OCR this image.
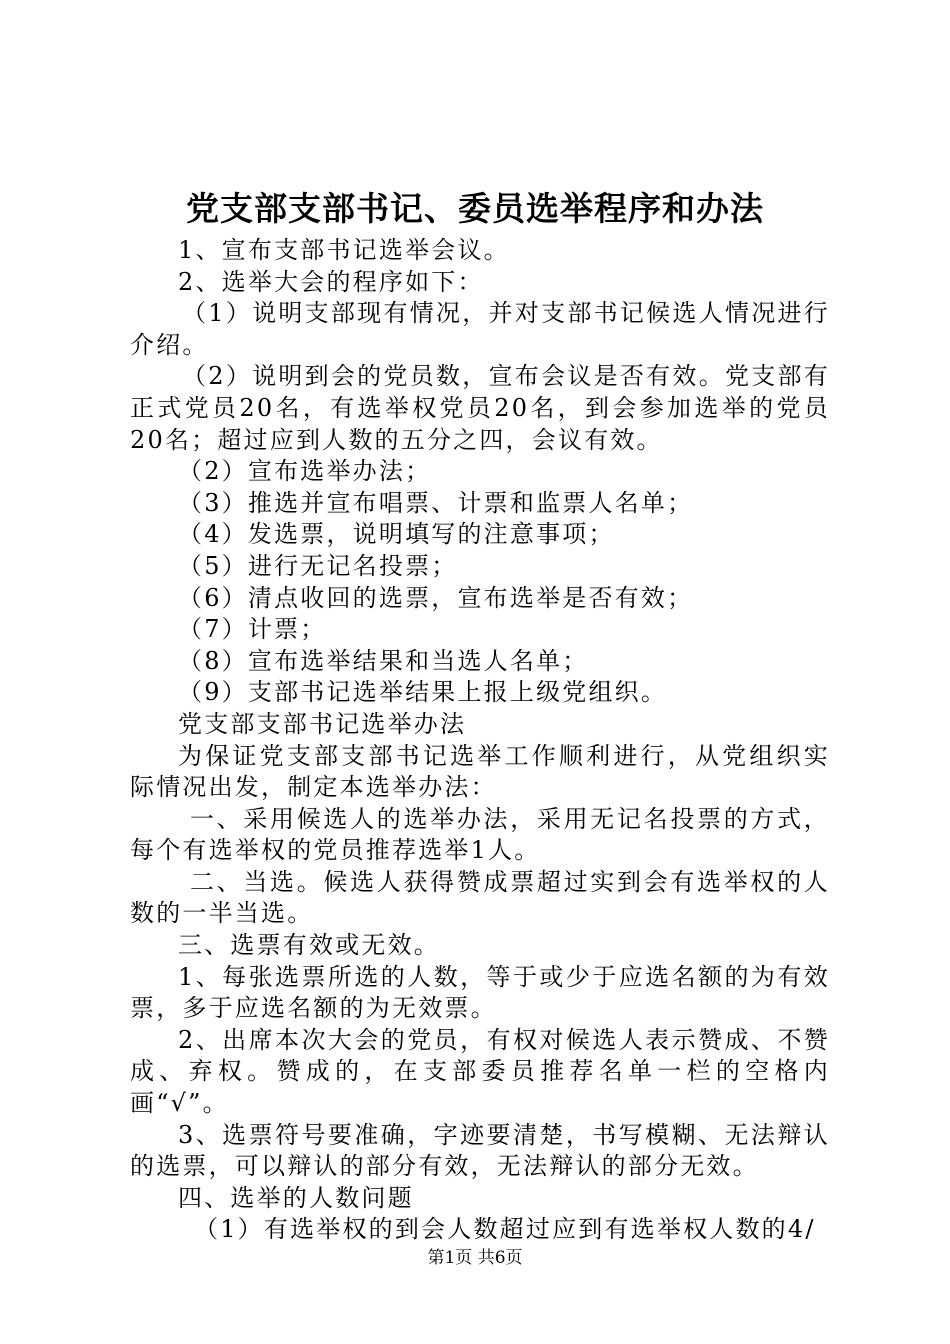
党支部支部书记、委员选举程序和办法

1、宣布支部书记选举会议。

2、选举大会的程序如下：

（1）说明支部现有情况，并对支部书记候选人情况进行介绍。

（2）说明到会的党员数，宣布会议是否有效。党支部有正式党员20名，有选举权党员20名，到会参加选举的党员20名；超过应到人数的五分之四，会议有效。

（2）宣布选举办法；

（3）推选并宣布唱票、计票和监票人名单；

（4）发选票，说明填写的注意事项；

（5）进行无记名投票；

（6）清点收回的选票，宣布选举是否有效；

（7）计票；

（8）宣布选举结果和当选人名单；

（9）支部书记选举结果上报上级党组织。

党支部支部书记选举办法

为保证党支部支部书记选举工作顺利进行，从党组织实际情况出发，制定本选举办法：

一、采用候选人的选举办法，采用无记名投票的方式，每个有选举权的党员推荐选举1人。

二、当选。候选人获得赞成票超过实到会有选举权的人数的一半当选。

三、选票有效或无效。

1、每张选票所选的人数，等于或少于应选名额的为有效票，多于应选名额的为无效票。

2、出席本次大会的党员，有权对候选人表示赞成、不赞成、弃权。赞成的，在支部委员推荐名单一栏的空格内画“√”。

3、选票符号要准确，字迹要清楚，书写模糊、无法辩认的选票，可以辩认的部分有效，无法辩认的部分无效。

四、选举的人数问题

（1）有选举权的到会人数超过应到有选举权人数的4/

第1页 共6页
